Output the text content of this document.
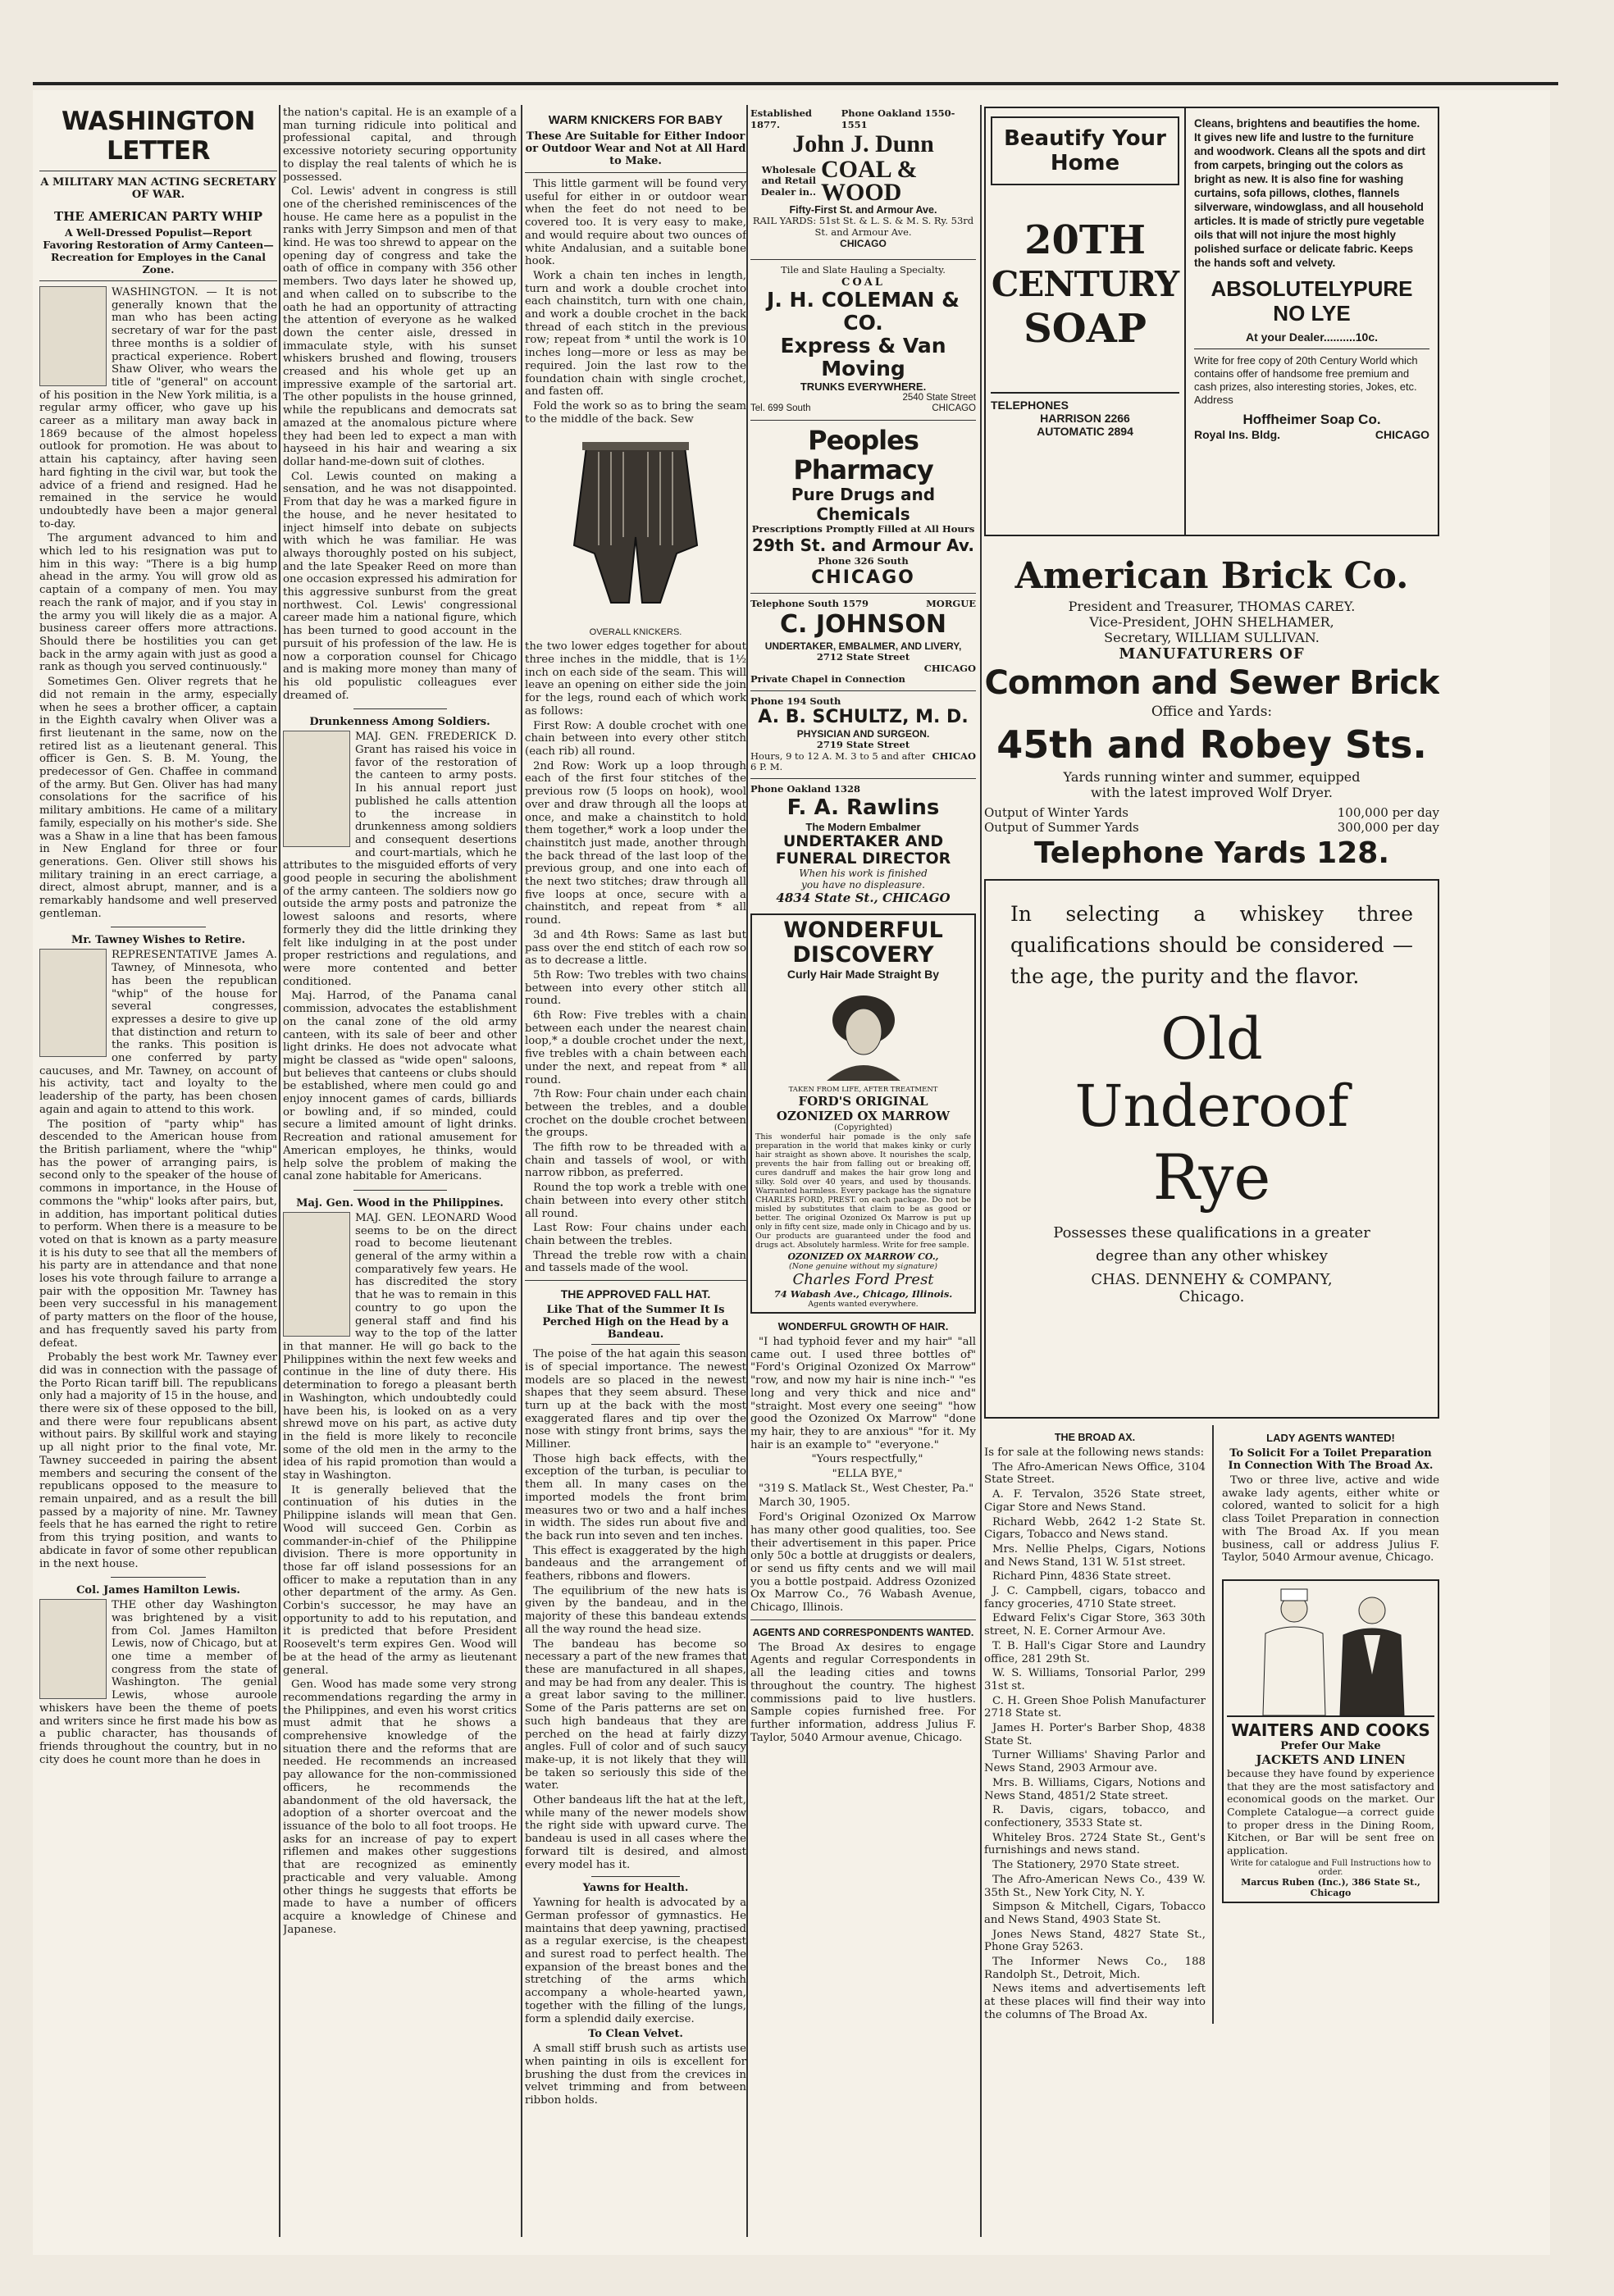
WASHINGTON LETTER
A MILITARY MAN ACTING SECRETARY OF WAR.
THE AMERICAN PARTY WHIP
A Well-Dressed Populist—Report Favoring Restoration of Army Canteen—Recreation for Employes in the Canal Zone.

WASHINGTON. — It is not generally known that the man who has been acting secretary of war for the past three months is a soldier of practical experience. Robert Shaw Oliver, who wears the title of "general" on account of his position in the New York militia, is a regular army officer, who gave up his career as a military man away back in 1869 because of the almost hopeless outlook for promotion. He was about to attain his captaincy, after having seen hard fighting in the civil war, but took the advice of a friend and resigned. Had he remained in the service he would undoubtedly have been a major general to-day.

The argument advanced to him and which led to his resignation was put to him in this way: "There is a big hump ahead in the army. You will grow old as captain of a company of men. You may reach the rank of major, and if you stay in the army you will likely die as a major. A business career offers more attractions. Should there be hostilities you can get back in the army again with just as good a rank as though you served continuously."

Sometimes Gen. Oliver regrets that he did not remain in the army, especially when he sees a brother officer, a captain in the Eighth cavalry when Oliver was a first lieutenant in the same, now on the retired list as a lieutenant general. This officer is Gen. S. B. M. Young, the predecessor of Gen. Chaffee in command of the army. But Gen. Oliver has had many consolations for the sacrifice of his military ambitions. He came of a military family, especially on his mother's side. She was a Shaw in a line that has been famous in New England for three or four generations. Gen. Oliver still shows his military training in an erect carriage, a direct, almost abrupt, manner, and is a remarkably handsome and well preserved gentleman.

Mr. Tawney Wishes to Retire.

REPRESENTATIVE James A. Tawney, of Minnesota, who has been the republican "whip" of the house for several congresses, expresses a desire to give up that distinction and return to the ranks. This position is one conferred by party caucuses, and Mr. Tawney, on account of his activity, tact and loyalty to the leadership of the party, has been chosen again and again to attend to this work.

The position of "party whip" has descended to the American house from the British parliament, where the "whip" has the power of arranging pairs, is second only to the speaker of the house of commons in importance, in the House of commons the "whip" looks after pairs, but, in addition, has important political duties to perform. When there is a measure to be voted on that is known as a party measure it is his duty to see that all the members of his party are in attendance and that none loses his vote through failure to arrange a pair with the opposition Mr. Tawney has been very successful in his management of party matters on the floor of the house, and has frequently saved his party from defeat.

Probably the best work Mr. Tawney ever did was in connection with the passage of the Porto Rican tariff bill. The republicans only had a majority of 15 in the house, and there were six of these opposed to the bill, and there were four republicans absent without pairs. By skillful work and staying up all night prior to the final vote, Mr. Tawney succeeded in pairing the absent members and securing the consent of the republicans opposed to the measure to remain unpaired, and as a result the bill passed by a majority of nine. Mr. Tawney feels that he has earned the right to retire from this trying position, and wants to abdicate in favor of some other republican in the next house.

Col. James Hamilton Lewis.

THE other day Washington was brightened by a visit from Col. James Hamilton Lewis, now of Chicago, but at one time a member of congress from the state of Washington. The genial Lewis, whose auroole whiskers have been the theme of poets and writers since he first made his bow as a public character, has thousands of friends throughout the country, but in no city does he count more than he does in

the nation's capital. He is an example of a man turning ridicule into political and professional capital, and through excessive notoriety securing opportunity to display the real talents of which he is possessed.

Col. Lewis' advent in congress is still one of the cherished reminiscences of the house. He came here as a populist in the ranks with Jerry Simpson and men of that kind. He was too shrewd to appear on the opening day of congress and take the oath of office in company with 356 other members. Two days later he showed up, and when called on to subscribe to the oath he had an opportunity of attracting the attention of everyone as he walked down the center aisle, dressed in immaculate style, with his sunset whiskers brushed and flowing, trousers creased and his whole get up an impressive example of the sartorial art. The other populists in the house grinned, while the republicans and democrats sat amazed at the anomalous picture where they had been led to expect a man with hayseed in his hair and wearing a six dollar hand-me-down suit of clothes.

Col. Lewis counted on making a sensation, and he was not disappointed. From that day he was a marked figure in the house, and he never hesitated to inject himself into debate on subjects with which he was familiar. He was always thoroughly posted on his subject, and the late Speaker Reed on more than one occasion expressed his admiration for this aggressive sunburst from the great northwest. Col. Lewis' congressional career made him a national figure, which has been turned to good account in the pursuit of his profession of the law. He is now a corporation counsel for Chicago and is making more money than many of his old populistic colleagues ever dreamed of.

Drunkenness Among Soldiers.

MAJ. GEN. FREDERICK D. Grant has raised his voice in favor of the restoration of the canteen to army posts. In his annual report just published he calls attention to the increase in drunkenness among soldiers and consequent desertions and court-martials, which he attributes to the misguided efforts of very good people in securing the abolishment of the army canteen. The soldiers now go outside the army posts and patronize the lowest saloons and resorts, where formerly they did the little drinking they felt like indulging in at the post under proper restrictions and regulations, and were more contented and better conditioned.

Maj. Harrod, of the Panama canal commission, advocates the establishment on the canal zone of the old army canteen, with its sale of beer and other light drinks. He does not advocate what might be classed as "wide open" saloons, but believes that canteens or clubs should be established, where men could go and enjoy innocent games of cards, billiards or bowling and, if so minded, could secure a limited amount of light drinks. Recreation and rational amusement for American employes, he thinks, would help solve the problem of making the canal zone habitable for Americans.

Maj. Gen. Wood in the Philippines.

MAJ. GEN. LEONARD Wood seems to be on the direct road to become lieutenant general of the army within a comparatively few years. He has discredited the story that he was to remain in this country to go upon the general staff and find his way to the top of the latter in that manner. He will go back to the Philippines within the next few weeks and continue in the line of duty there. His determination to forego a pleasant berth in Washington, which undoubtedly could have been his, is looked on as a very shrewd move on his part, as active duty in the field is more likely to reconcile some of the old men in the army to the idea of his rapid promotion than would a stay in Washington.

It is generally believed that the continuation of his duties in the Philippine islands will mean that Gen. Wood will succeed Gen. Corbin as commander-in-chief of the Philippine division. There is more opportunity in those far off island possessions for an officer to make a reputation than in any other department of the army. As Gen. Corbin's successor, he may have an opportunity to add to his reputation, and it is predicted that before President Roosevelt's term expires Gen. Wood will be at the head of the army as lieutenant general.

Gen. Wood has made some very strong recommendations regarding the army in the Philippines, and even his worst critics must admit that he shows a comprehensive knowledge of the situation there and the reforms that are needed. He recommends an increased pay allowance for the non-commissioned officers, he recommends the abandonment of the old haversack, the adoption of a shorter overcoat and the issuance of the bolo to all foot troops. He asks for an increase of pay to expert riflemen and makes other suggestions that are recognized as eminently practicable and very valuable. Among other things he suggests that efforts be made to have a number of officers acquire a knowledge of Chinese and Japanese.

WARM KNICKERS FOR BABY
These Are Suitable for Either Indoor or Outdoor Wear and Not at All Hard to Make.

This little garment will be found very useful for either in or outdoor wear when the feet do not need to be covered too. It is very easy to make, and would require about two ounces of white Andalusian, and a suitable bone hook.

Work a chain ten inches in length, turn and work a double crochet into each chainstitch, turn with one chain, and work a double crochet in the back thread of each stitch in the previous row; repeat from * until the work is 10 inches long—more or less as may be required. Join the last row to the foundation chain with single crochet, and fasten off.

Fold the work so as to bring the seam to the middle of the back. Sew

OVERALL KNICKERS.

the two lower edges together for about three inches in the middle, that is 1½ inch on each side of the seam. This will leave an opening on either side the join for the legs, round each of which work as follows:

First Row: A double crochet with one chain between into every other stitch (each rib) all round.

2nd Row: Work up a loop through each of the first four stitches of the previous row (5 loops on hook), wool over and draw through all the loops at once, and make a chainstitch to hold them together,* work a loop under the chainstitch just made, another through the back thread of the last loop of the previous group, and one into each of the next two stitches; draw through all five loops at once, secure with a chainstitch, and repeat from * all round.

3d and 4th Rows: Same as last but pass over the end stitch of each row so as to decrease a little.

5th Row: Two trebles with two chains between into every other stitch all round.

6th Row: Five trebles with a chain between each under the nearest chain loop,* a double crochet under the next, five trebles with a chain between each under the next, and repeat from * all round.

7th Row: Four chain under each chain between the trebles, and a double crochet on the double crochet between the groups.

The fifth row to be threaded with a chain and tassels of wool, or with narrow ribbon, as preferred.

Round the top work a treble with one chain between into every other stitch all round.

Last Row: Four chains under each chain between the trebles.

Thread the treble row with a chain and tassels made of the wool.

THE APPROVED FALL HAT.
Like That of the Summer It Is Perched High on the Head by a Bandeau.

The poise of the hat again this season is of special importance. The newest models are so placed in the newest shapes that they seem absurd. These turn up at the back with the most exaggerated flares and tip over the nose with stingy front brims, says the Milliner.

Those high back effects, with the exception of the turban, is peculiar to them all. In many cases on the imported models the front brim measures two or two and a half inches in width. The sides run about five and the back run into seven and ten inches.

This effect is exaggerated by the high bandeaus and the arrangement of feathers, ribbons and flowers.

The equilibrium of the new hats is given by the bandeau, and in the majority of these this bandeau extends all the way round the head size.

The bandeau has become so necessary a part of the new frames that these are manufactured in all shapes, and may be had from any dealer. This is a great labor saving to the milliner. Some of the Paris patterns are set on such high bandeaus that they are perched on the head at fairly dizzy angles. Full of color and of such saucy make-up, it is not likely that they will be taken so seriously this side of the water.

Other bandeaus lift the hat at the left, while many of the newer models show the right side with upward curve. The bandeau is used in all cases where the forward tilt is desired, and almost every model has it.

Yawns for Health.

Yawning for health is advocated by a German professor of gymnastics. He maintains that deep yawning, practised as a regular exercise, is the cheapest and surest road to perfect health. The expansion of the breast bones and the stretching of the arms which accompany a whole-hearted yawn, together with the filling of the lungs, form a splendid daily exercise.

To Clean Velvet.

A small stiff brush such as artists use when painting in oils is excellent for brushing the dust from the crevices in velvet trimming and from between ribbon holds.

Established 1877.
Phone Oakland 1550-1551
John J. Dunn
Wholesale and Retail Dealer in..
COAL &
WOOD
Fifty-First St. and Armour Ave.
RAIL YARDS: 51st St. & L. S. & M. S. Ry. 53rd St. and Armour Ave.
CHICAGO
Tile and Slate Hauling a Specialty.
COAL
J. H. COLEMAN & CO.
Express & Van Moving
TRUNKS EVERYWHERE.
2540 State Street
Tel. 699 South	CHICAGO
Peoples Pharmacy
Pure Drugs and Chemicals
Prescriptions Promptly Filled at All Hours
29th St. and Armour Av.
Phone 326 South
CHICAGO
Telephone South 1579	MORGUE
C. JOHNSON
UNDERTAKER, EMBALMER, AND LIVERY,
2712 State Street
CHICAGO
Private Chapel in Connection
Phone 194 South
A. B. SCHULTZ, M. D.
PHYSICIAN AND SURGEON.
2719 State Street
Hours, 9 to 12 A. M. 3 to 5 and after 6 P. M.
CHICAO
Phone Oakland 1328
F. A. Rawlins
The Modern Embalmer
UNDERTAKER AND
FUNERAL DIRECTOR
When his work is finished
you have no displeasure.
4834 State St., CHICAGO
WONDERFUL
DISCOVERY
Curly Hair Made Straight By
TAKEN FROM LIFE, AFTER TREATMENT
FORD'S ORIGINAL
OZONIZED OX MARROW
(Copyrighted)

This wonderful hair pomade is the only safe preparation in the world that makes kinky or curly hair straight as shown above. It nourishes the scalp, prevents the hair from falling out or breaking off, cures dandruff and makes the hair grow long and silky. Sold over 40 years, and used by thousands. Warranted harmless. Every package has the signature CHARLES FORD, PREST. on each package. Do not be misled by substitutes that claim to be as good or better. The original Ozonized Ox Marrow is put up only in fifty cent size, made only in Chicago and by us. Our products are guaranteed under the food and drugs act. Absolutely harmless. Write for free sample.

OZONIZED OX MARROW CO.,
(None genuine without my signature)
Charles Ford Prest
74 Wabash Ave., Chicago, Illinois.
Agents wanted everywhere.
WONDERFUL GROWTH OF HAIR.

"I had typhoid fever and my hair" "all came out. I used three bottles of" "Ford's Original Ozonized Ox Marrow" "row, and now my hair is nine inch-" "es long and very thick and nice and" "straight. Most every one seeing" "how good the Ozonized Ox Marrow" "done my hair, they to are anxious" "for it. My hair is an example to" "everyone."

"Yours respectfully,"

"ELLA BYE,"

"319 S. Matlack St., West Chester, Pa."

March 30, 1905.

Ford's Original Ozonized Ox Marrow has many other good qualities, too. See their advertisement in this paper. Price only 50c a bottle at druggists or dealers, or send us fifty cents and we will mail you a bottle postpaid. Address Ozonized Ox Marrow Co., 76 Wabash Avenue, Chicago, Illinois.

AGENTS AND CORRESPONDENTS WANTED.

The Broad Ax desires to engage Agents and regular Correspondents in all the leading cities and towns throughout the country. The highest commissions paid to live hustlers. Sample copies furnished free. For further information, address Julius F. Taylor, 5040 Armour avenue, Chicago.

Beautify Your Home
20TH
CENTURY
SOAP
TELEPHONES
HARRISON 2266
AUTOMATIC 2894

Cleans, brightens and beautifies the home. It gives new life and lustre to the furniture and woodwork. Cleans all the spots and dirt from carpets, bringing out the colors as bright as new. It is also fine for washing curtains, sofa pillows, clothes, flannels silverware, windowglass, and all household articles. It is made of strictly pure vegetable oils that will not injure the most highly polished surface or delicate fabric. Keeps the hands soft and velvety.

ABSOLUTELYPURE
NO LYE
At your Dealer..........10c.

Write for free copy of 20th Century World which contains offer of handsome free premium and cash prizes, also interesting stories, Jokes, etc. Address

Hoffheimer Soap Co.
Royal Ins. Bldg.	CHICAGO
American Brick Co.
President and Treasurer, THOMAS CAREY.
Vice-President, JOHN SHELHAMER,
Secretary, WILLIAM SULLIVAN.
MANUFATURERS OF
Common and Sewer Brick
Office and Yards:
45th and Robey Sts.
Yards running winter and summer, equipped
with the latest improved Wolf Dryer.
Output of Winter Yards	100,000 per day
Output of Summer Yards	300,000 per day
Telephone Yards 128.

In selecting a whiskey three qualifications should be considered — the age, the purity and the flavor.

Old
Underoof
Rye

Possesses these qualifications in a greater degree than any other whiskey

CHAS. DENNEHY & COMPANY,
Chicago.
THE BROAD AX.

Is for sale at the following news stands:

The Afro-American News Office, 3104 State Street.

A. F. Tervalon, 3526 State street, Cigar Store and News Stand.

Richard Webb, 2642 1-2 State St. Cigars, Tobacco and News stand.

Mrs. Nellie Phelps, Cigars, Notions and News Stand, 131 W. 51st street.

Richard Pinn, 4836 State street.

J. C. Campbell, cigars, tobacco and fancy groceries, 4710 State street.

Edward Felix's Cigar Store, 363 30th street, N. E. Corner Armour Ave.

T. B. Hall's Cigar Store and Laundry office, 281 29th St.

W. S. Williams, Tonsorial Parlor, 299 31st st.

C. H. Green Shoe Polish Manufacturer 2718 State st.

James H. Porter's Barber Shop, 4838 State St.

Turner Williams' Shaving Parlor and News Stand, 2903 Armour ave.

Mrs. B. Williams, Cigars, Notions and News Stand, 4851/2 State street.

R. Davis, cigars, tobacco, and confectionery, 3533 State st.

Whiteley Bros. 2724 State St., Gent's furnishings and news stand.

The Stationery, 2970 State street.

The Afro-American News Co., 439 W. 35th St., New York City, N. Y.

Simpson & Mitchell, Cigars, Tobacco and News Stand, 4903 State St.

Jones News Stand, 4827 State St., Phone Gray 5263.

The Informer News Co., 188 Randolph St., Detroit, Mich.

News items and advertisements left at these places will find their way into the columns of The Broad Ax.

LADY AGENTS WANTED!
To Solicit For a Toilet Preparation In Connection With The Broad Ax.

Two or three live, active and wide awake lady agents, either white or colored, wanted to solicit for a high class Toilet Preparation in connection with The Broad Ax. If you mean business, call or address Julius F. Taylor, 5040 Armour avenue, Chicago.

WAITERS AND COOKS
Prefer Our Make
JACKETS AND LINEN

because they have found by experience that they are the most satisfactory and economical goods on the market. Our Complete Catalogue—a correct guide to proper dress in the Dining Room, Kitchen, or Bar will be sent free on application.

Write for catalogue and Full Instructions how to order.
Marcus Ruben (Inc.), 386 State St., Chicago
